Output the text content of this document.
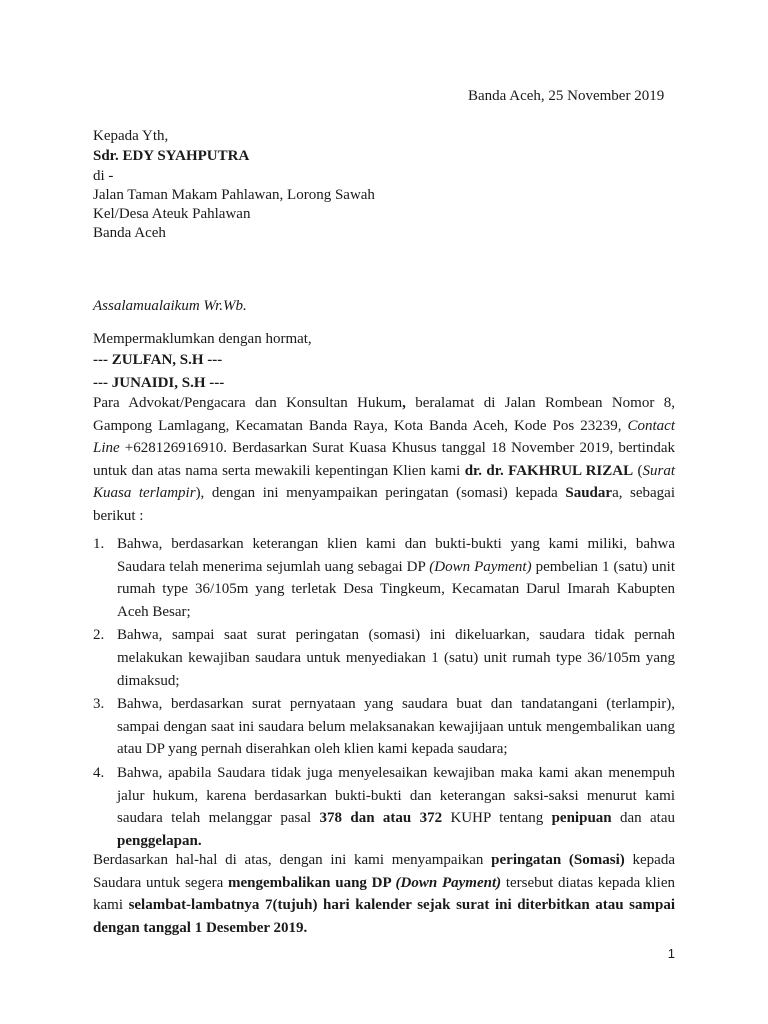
Banda Aceh, 25 November 2019
Kepada Yth,
Sdr. EDY SYAHPUTRA
di -
Jalan Taman Makam Pahlawan, Lorong Sawah
Kel/Desa Ateuk Pahlawan
Banda Aceh
Assalamualaikum Wr.Wb.
Mempermaklumkan dengan hormat,
--- ZULFAN, S.H ---
--- JUNAIDI, S.H ---
Para Advokat/Pengacara dan Konsultan Hukum, beralamat di Jalan Rombean Nomor 8, Gampong Lamlagang, Kecamatan Banda Raya, Kota Banda Aceh, Kode Pos 23239, Contact Line +628126916910. Berdasarkan Surat Kuasa Khusus tanggal 18 November 2019, bertindak untuk dan atas nama serta mewakili kepentingan Klien kami dr. dr. FAKHRUL RIZAL (Surat Kuasa terlampir), dengan ini menyampaikan peringatan (somasi) kepada Saudara, sebagai berikut :
1. Bahwa, berdasarkan keterangan klien kami dan bukti-bukti yang kami miliki, bahwa Saudara telah menerima sejumlah uang sebagai DP (Down Payment) pembelian 1 (satu) unit rumah type 36/105m yang terletak Desa Tingkeum, Kecamatan Darul Imarah Kabupten Aceh Besar;
2. Bahwa, sampai saat surat peringatan (somasi) ini dikeluarkan, saudara tidak pernah melakukan kewajiban saudara untuk menyediakan 1 (satu) unit rumah type 36/105m yang dimaksud;
3. Bahwa, berdasarkan surat pernyataan yang saudara buat dan tandatangani (terlampir), sampai dengan saat ini saudara belum melaksanakan kewajijaan untuk mengembalikan uang atau DP yang pernah diserahkan oleh klien kami kepada saudara;
4. Bahwa, apabila Saudara tidak juga menyelesaikan kewajiban maka kami akan menempuh jalur hukum, karena berdasarkan bukti-bukti dan keterangan saksi-saksi menurut kami saudara telah melanggar pasal 378 dan atau 372 KUHP tentang penipuan dan atau penggelapan.
Berdasarkan hal-hal di atas, dengan ini kami menyampaikan peringatan (Somasi) kepada Saudara untuk segera mengembalikan uang DP (Down Payment) tersebut diatas kepada klien kami selambat-lambatnya 7(tujuh) hari kalender sejak surat ini diterbitkan atau sampai dengan tanggal 1 Desember 2019.
1
